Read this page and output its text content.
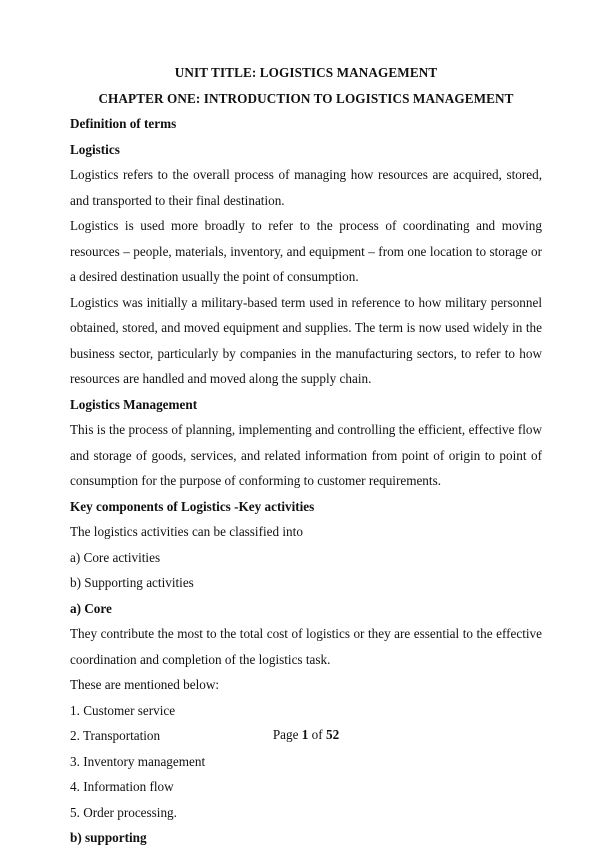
UNIT TITLE: LOGISTICS MANAGEMENT
CHAPTER ONE: INTRODUCTION TO LOGISTICS MANAGEMENT
Definition of terms
Logistics
Logistics refers to the overall process of managing how resources are acquired, stored, and transported to their final destination.
Logistics is used more broadly to refer to the process of coordinating and moving resources – people, materials, inventory, and equipment – from one location to storage or a desired destination usually the point of consumption.
Logistics was initially a military-based term used in reference to how military personnel obtained, stored, and moved equipment and supplies. The term is now used widely in the business sector, particularly by companies in the manufacturing sectors, to refer to how resources are handled and moved along the supply chain.
Logistics Management
This is the process of planning, implementing and controlling the efficient, effective flow and storage of goods, services, and related information from point of origin to point of consumption for the purpose of conforming to customer requirements.
Key components of Logistics -Key activities
The logistics activities can be classified into
a) Core activities
b) Supporting activities
a) Core
They contribute the most to the total cost of logistics or they are essential to the effective coordination and completion of the logistics task.
These are mentioned below:
1. Customer service
2. Transportation
3. Inventory management
4. Information flow
5. Order processing.
b) supporting
Page 1 of 52
